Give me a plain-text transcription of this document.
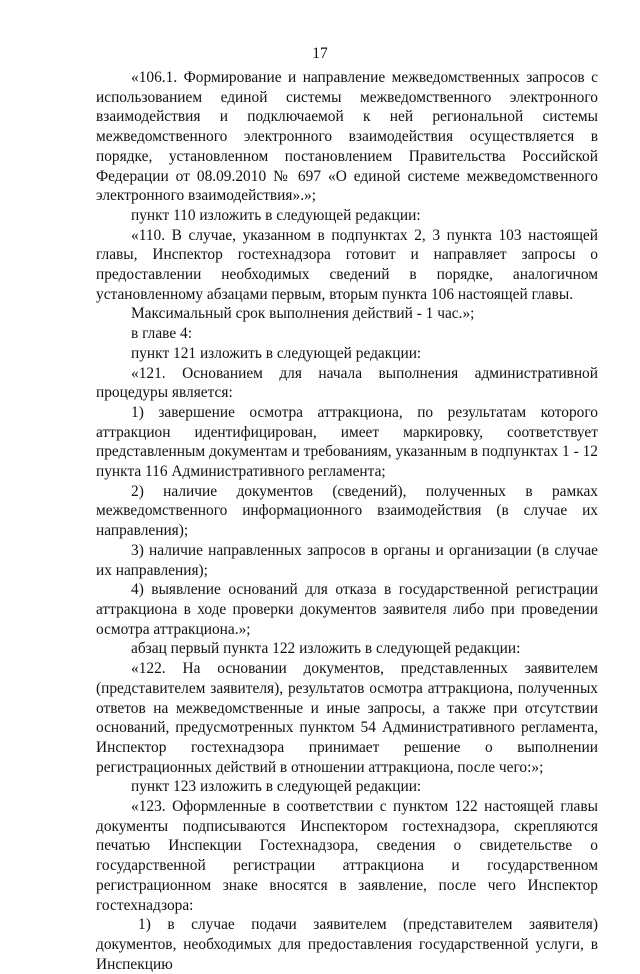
17

«106.1. Формирование и направление межведомственных запросов с использованием единой системы межведомственного электронного взаимодействия и подключаемой к ней региональной системы межведомственного электронного взаимодействия осуществляется в порядке, установленном постановлением Правительства Российской Федерации от 08.09.2010 № 697 «О единой системе межведомственного электронного взаимодействия».»;

пункт 110 изложить в следующей редакции:

«110. В случае, указанном в подпунктах 2, 3 пункта 103 настоящей главы, Инспектор гостехнадзора готовит и направляет запросы о предоставлении необходимых сведений в порядке, аналогичном установленному абзацами первым, вторым пункта 106 настоящей главы.

Максимальный срок выполнения действий - 1 час.»;

в главе 4:

пункт 121 изложить в следующей редакции:

«121. Основанием для начала выполнения административной процедуры является:

1) завершение осмотра аттракциона, по результатам которого аттракцион идентифицирован, имеет маркировку, соответствует представленным документам и требованиям, указанным в подпунктах 1 - 12 пункта 116 Административного регламента;

2) наличие документов (сведений), полученных в рамках межведомственного информационного взаимодействия (в случае их направления);

3) наличие направленных запросов в органы и организации (в случае их направления);

4) выявление оснований для отказа в государственной регистрации аттракциона в ходе проверки документов заявителя либо при проведении осмотра аттракциона.»;

абзац первый пункта 122 изложить в следующей редакции:

«122. На основании документов, представленных заявителем (представителем заявителя), результатов осмотра аттракциона, полученных ответов на межведомственные и иные запросы, а также при отсутствии оснований, предусмотренных пунктом 54 Административного регламента, Инспектор гостехнадзора принимает решение о выполнении регистрационных действий в отношении аттракциона, после чего:»;

пункт 123 изложить в следующей редакции:

«123. Оформленные в соответствии с пунктом 122 настоящей главы документы подписываются Инспектором гостехнадзора, скрепляются печатью Инспекции Гостехнадзора, сведения о свидетельстве о государственной регистрации аттракциона и государственном регистрационном знаке вносятся в заявление, после чего Инспектор гостехнадзора:

1) в случае подачи заявителем (представителем заявителя) документов, необходимых для предоставления государственной услуги, в Инспекцию
